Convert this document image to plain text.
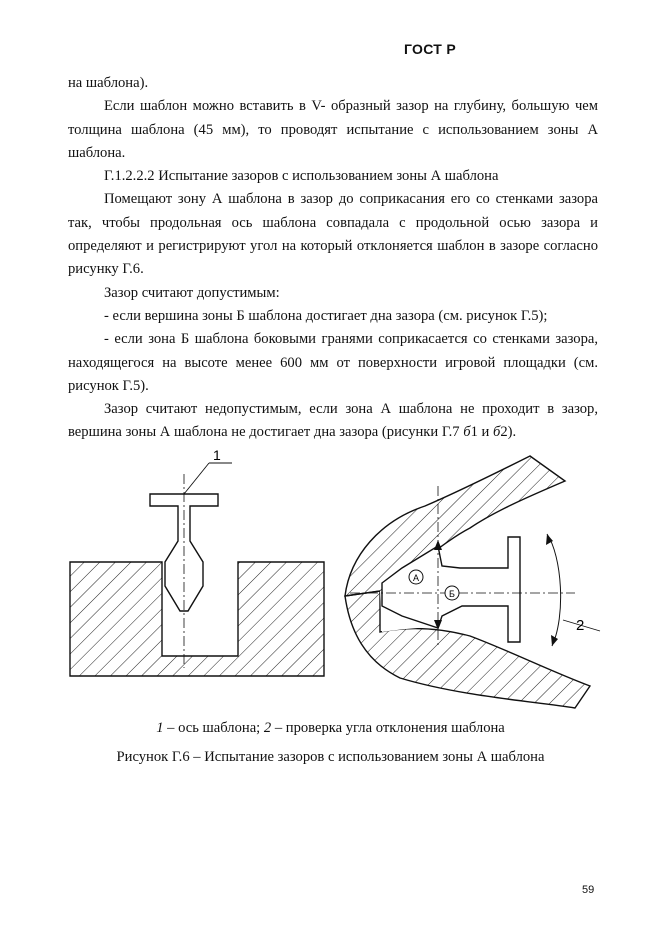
ГОСТ Р

на шаблона).

Если шаблон можно вставить в V- образный зазор на глубину, большую чем толщина шаблона (45 мм), то проводят испытание с использованием зоны А шаблона.

Г.1.2.2.2 Испытание зазоров с использованием зоны А шаблона

Помещают зону А шаблона в зазор до соприкасания его со стенками зазора так, чтобы продольная ось шаблона совпадала с продольной осью зазора и определяют и регистрируют угол на который отклоняется шаблон в зазоре согласно рисунку Г.6.

Зазор считают допустимым:

- если вершина зоны Б шаблона достигает дна зазора (см. рисунок Г.5);

- если зона Б шаблона боковыми гранями соприкасается со стенками зазора, находящегося на высоте менее 600 мм от поверхности игровой площадки (см. рисунок Г.5).

Зазор считают недопустимым, если зона А шаблона не проходит в зазор, вершина зоны А шаблона не достигает дна зазора (рисунки Г.7 б1 и б2).

1
А
Б
2
1 – ось шаблона; 2 – проверка угла отклонения шаблона
Рисунок Г.6 – Испытание зазоров с использованием зоны А шаблона
59
